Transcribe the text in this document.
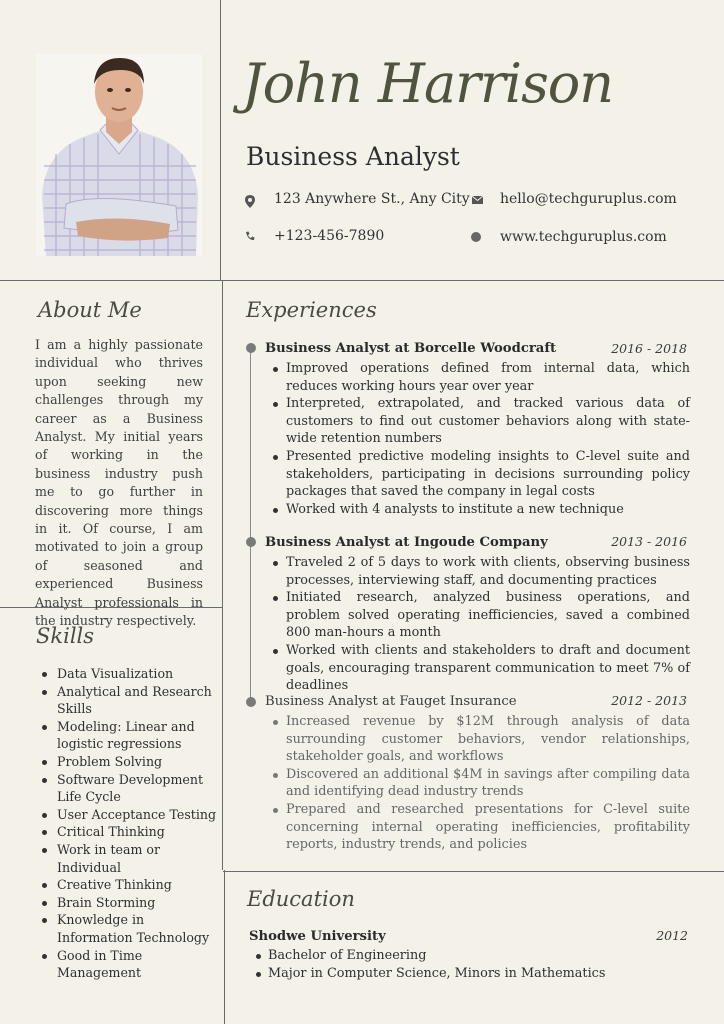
John Harrison
Business Analyst
123 Anywhere St., Any City hello@techguruplus.com
+123-456-7890	www.techguruplus.com
About Me
I am a highly passionate individual who thrives upon seeking new challenges through my career as a Business Analyst. My initial years of working in the business industry push me to go further in discovering more things in it. Of course, I am motivated to join a group of seasoned and experienced Business Analyst professionals in the industry respectively.
Skills
Data Visualization
Analytical and Research Skills
Modeling: Linear and logistic regressions
Problem Solving
Software Development Life Cycle
User Acceptance Testing
Critical Thinking
Work in team or Individual
Creative Thinking
Brain Storming
Knowledge in Information Technology
Good in Time Management
Experiences
Business Analyst at Borcelle Woodcraft	2016 - 2018
Improved operations defined from internal data, which reduces working hours year over year
Interpreted, extrapolated, and tracked various data of customers to find out customer behaviors along with state-wide retention numbers
Presented predictive modeling insights to C-level suite and stakeholders, participating in decisions surrounding policy packages that saved the company in legal costs
Worked with 4 analysts to institute a new technique
Business Analyst at Ingoude Company	2013 - 2016
Traveled 2 of 5 days to work with clients, observing business processes, interviewing staff, and documenting practices
Initiated research, analyzed business operations, and problem solved operating inefficiencies, saved a combined 800 man-hours a month
Worked with clients and stakeholders to draft and document goals, encouraging transparent communication to meet 7% of deadlines
Business Analyst at Fauget Insurance	2012 - 2013
Increased revenue by $12M through analysis of data surrounding customer behaviors, vendor relationships, stakeholder goals, and workflows
Discovered an additional $4M in savings after compiling data and identifying dead industry trends
Prepared and researched presentations for C-level suite concerning internal operating inefficiencies, profitability reports, industry trends, and policies
Education
Shodwe University	2012
Bachelor of Engineering
Major in Computer Science, Minors in Mathematics
